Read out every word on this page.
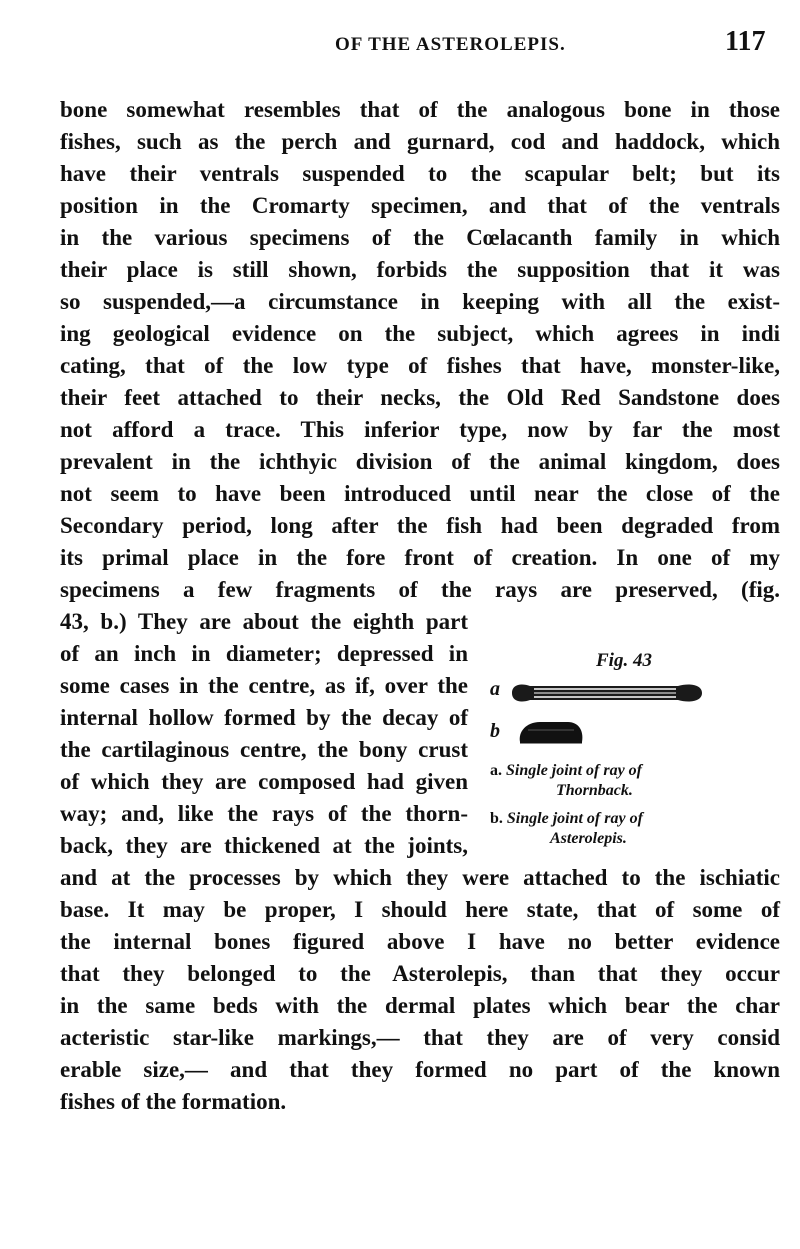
OF THE ASTEROLEPIS.	117
bone somewhat resembles that of the analogous bone in those
fishes, such as the perch and gurnard, cod and haddock, which
have their ventrals suspended to the scapular belt; but its
position in the Cromarty specimen, and that of the ventrals
in the various specimens of the Cœlacanth family in which
their place is still shown, forbids the supposition that it was
so suspended,—a circumstance in keeping with all the exist-
ing geological evidence on the subject, which agrees in indi
cating, that of the low type of fishes that have, monster-like,
their feet attached to their necks, the Old Red Sandstone does
not afford a trace. This inferior type, now by far the most
prevalent in the ichthyic division of the animal kingdom, does
not seem to have been introduced until near the close of the
Secondary period, long after the fish had been degraded from
its primal place in the fore front of creation. In one of my
specimens a few fragments of the rays are preserved, (fig.
43, b.) They are about the eighth part
of an inch in diameter; depressed in
some cases in the centre, as if, over the
internal hollow formed by the decay of
the cartilaginous centre, the bony crust
of which they are composed had given
way; and, like the rays of the thorn-
back, they are thickened at the joints,
and at the processes by which they were attached to the ischiatic
base. It may be proper, I should here state, that of some of
the internal bones figured above I have no better evidence
that they belonged to the Asterolepis, than that they occur
in the same beds with the dermal plates which bear the char
acteristic star-like markings,— that they are of very consid
erable size,— and that they formed no part of the known
fishes of the formation.
Fig. 43
a
b
a. Single joint of ray of
Thornback.
b. Single joint of ray of
Asterolepis.
